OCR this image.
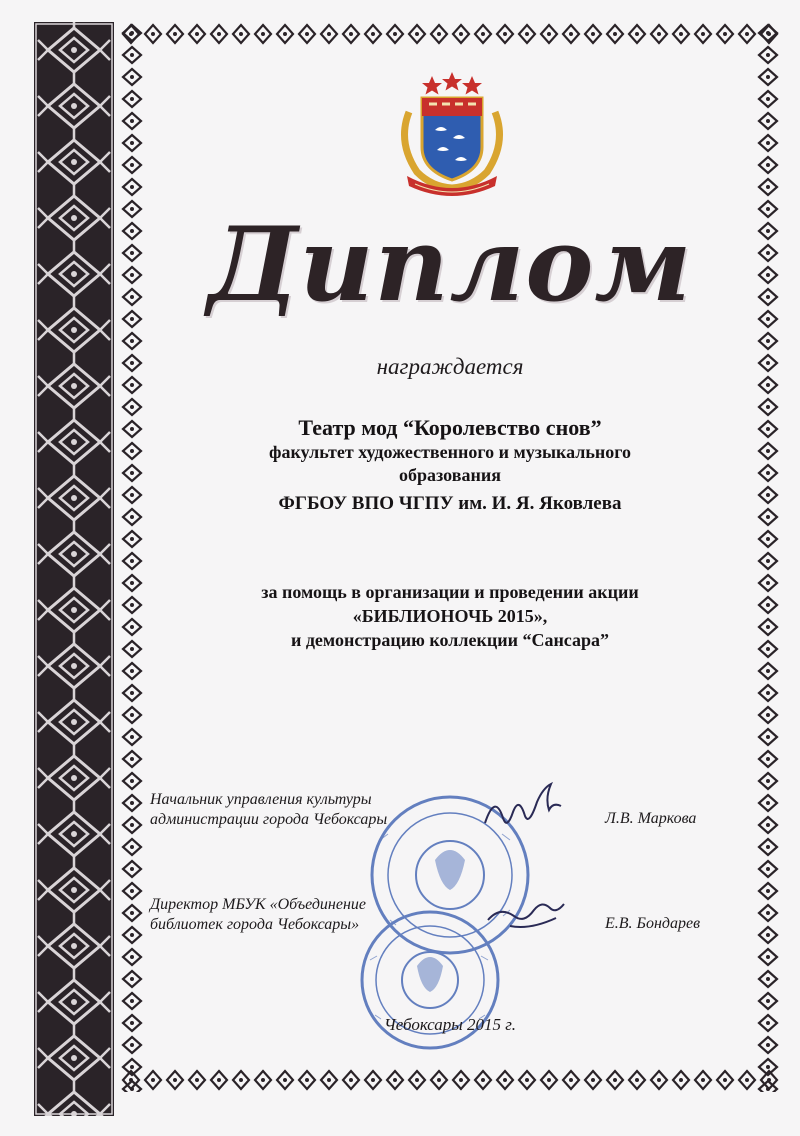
Диплом
награждается
Театр мод “Королевство снов”
факультет художественного и музыкального
образования
ФГБОУ ВПО ЧГПУ им. И. Я. Яковлева
за помощь в организации и проведении акции
«БИБЛИОНОЧЬ 2015»,
и демонстрацию коллекции “Сансара”
Начальник управления культуры
администрации города Чебоксары	Л.В. Маркова
Директор МБУК «Объединение
библиотек города Чебоксары»	Е.В. Бондарев
Чебоксары 2015 г.
